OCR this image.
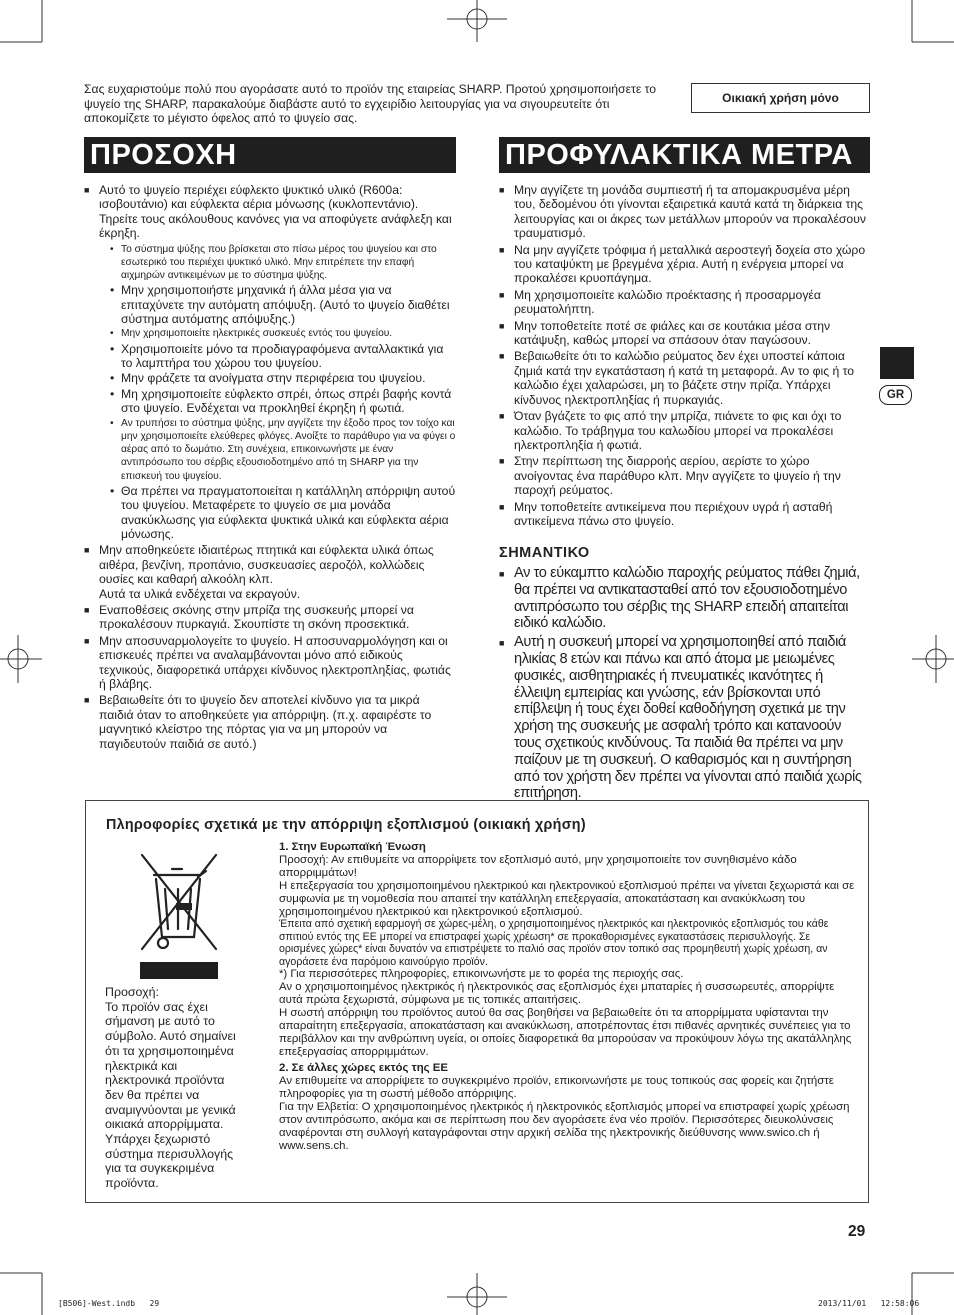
Σας ευχαριστούμε πολύ που αγοράσατε αυτό το προϊόν της εταιρείας SHARP. Προτού χρησιμοποιήσετε το ψυγείο της SHARP, παρακαλούμε διαβάστε αυτό το εγχειρίδιο λειτουργίας για να σιγουρευτείτε ότι αποκομίζετε το μέγιστο όφελος από το ψυγείο σας.

Οικιακή χρήση μόνο
ΠΡΟΣΟΧΗ	ΠΡΟΦΥΛΑΚΤΙΚΑ ΜΕΤΡΑ
■ Αυτό το ψυγείο περιέχει εύφλεκτο ψυκτικό υλικό (R600a: ισοβουτάνιο) και εύφλεκτα αέρια μόνωσης (κυκλοπεντάνιο). Τηρείτε τους ακόλουθους κανόνες για να αποφύγετε ανάφλεξη και έκρηξη.
• Το σύστημα ψύξης που βρίσκεται στο πίσω μέρος του ψυγείου και στο εσωτερικό του περιέχει ψυκτικό υλικό. Μην επιτρέπετε την επαφή αιχμηρών αντικειμένων με το σύστημα ψύξης.
• Μην χρησιμοποιήστε μηχανικά ή άλλα μέσα για να επιταχύνετε την αυτόματη απόψυξη. (Αυτό το ψυγείο διαθέτει σύστημα αυτόματης απόψυξης.)
• Μην χρησιμοποιείτε ηλεκτρικές συσκευές εντός του ψυγείου.
• Χρησιμοποιείτε μόνο τα προδιαγραφόμενα ανταλλακτικά για το λαμπτήρα του χώρου του ψυγείου.
• Μην φράζετε τα ανοίγματα στην περιφέρεια του ψυγείου.
• Μη χρησιμοποιείτε εύφλεκτο σπρέι, όπως σπρέι βαφής κοντά στο ψυγείο. Ενδέχεται να προκληθεί έκρηξη ή φωτιά.
• Αν τρυπήσει το σύστημα ψύξης, μην αγγίζετε την έξοδο προς τον τοίχο και μην χρησιμοποιείτε ελεύθερες φλόγες. Ανοίξτε το παράθυρο για να φύγει ο αέρας από το δωμάτιο. Στη συνέχεια, επικοινωνήστε με έναν αντιπρόσωπο του σέρβις εξουσιοδοτημένο από τη SHARP για την επισκευή του ψυγείου.
• Θα πρέπει να πραγματοποιείται η κατάλληλη απόρριψη αυτού του ψυγείου. Μεταφέρετε το ψυγείο σε μια μονάδα ανακύκλωσης για εύφλεκτα ψυκτικά υλικά και εύφλεκτα αέρια μόνωσης.
■ Μην αποθηκεύετε ιδιαιτέρως πτητικά και εύφλεκτα υλικά όπως αιθέρα, βενζίνη, προπάνιο, συσκευασίες αεροζόλ, κολλώδεις ουσίες και καθαρή αλκοόλη κλπ.
Αυτά τα υλικά ενδέχεται να εκραγούν.
■ Εναποθέσεις σκόνης στην μπρίζα της συσκευής μπορεί να προκαλέσουν πυρκαγιά. Σκουπίστε τη σκόνη προσεκτικά.
■ Μην αποσυναρμολογείτε το ψυγείο. Η αποσυναρμολόγηση και οι επισκευές πρέπει να αναλαμβάνονται μόνο από ειδικούς τεχνικούς, διαφορετικά υπάρχει κίνδυνος ηλεκτροπληξίας, φωτιάς ή βλάβης.
■ Βεβαιωθείτε ότι το ψυγείο δεν αποτελεί κίνδυνο για τα μικρά παιδιά όταν το αποθηκεύετε για απόρριψη. (π.χ. αφαιρέστε το μαγνητικό κλείστρο της πόρτας για να μη μπορούν να παγιδευτούν παιδιά σε αυτό.)
■ Μην αγγίζετε τη μονάδα συμπιεστή ή τα απομακρυσμένα μέρη του, δεδομένου ότι γίνονται εξαιρετικά καυτά κατά τη διάρκεια της λειτουργίας και οι άκρες των μετάλλων μπορούν να προκαλέσουν τραυματισμό.
■ Να μην αγγίζετε τρόφιμα ή μεταλλικά αεροστεγή δοχεία στο χώρο του καταψύκτη με βρεγμένα χέρια. Αυτή η ενέργεια μπορεί να προκαλέσει κρυοπάγημα.
■ Μη χρησιμοποιείτε καλώδιο προέκτασης ή προσαρμογέα ρευματολήπτη.
■ Μην τοποθετείτε ποτέ σε φιάλες και σε κουτάκια μέσα στην κατάψυξη, καθώς μπορεί να σπάσουν όταν παγώσουν.
■ Βεβαιωθείτε ότι το καλώδιο ρεύματος δεν έχει υποστεί κάποια ζημιά κατά την εγκατάσταση ή κατά τη μεταφορά. Αν το φις ή το καλώδιο έχει χαλαρώσει, μη το βάζετε στην πρίζα. Υπάρχει κίνδυνος ηλεκτροπληξίας ή πυρκαγιάς.
■ Όταν βγάζετε το φις από την μπρίζα, πιάνετε το φις και όχι το καλώδιο. Το τράβηγμα του καλωδίου μπορεί να προκαλέσει ηλεκτροπληξία ή φωτιά.
■ Στην περίπτωση της διαρροής αερίου, αερίστε το χώρο ανοίγοντας ένα παράθυρο κλπ. Μην αγγίζετε το ψυγείο ή την παροχή ρεύματος.
■ Μην τοποθετείτε αντικείμενα που περιέχουν υγρά ή ασταθή αντικείμενα πάνω στο ψυγείο.
ΣΗΜΑΝΤΙΚΟ
■ Αν το εύκαμπτο καλώδιο παροχής ρεύματος πάθει ζημιά, θα πρέπει να αντικατασταθεί από τον εξουσιοδοτημένο αντιπρόσωπο του σέρβις της SHARP επειδή απαιτείται ειδικό καλώδιο.
■ Αυτή η συσκευή μπορεί να χρησιμοποιηθεί από παιδιά ηλικίας 8 ετών και πάνω και από άτομα με μειωμένες φυσικές, αισθητηριακές ή πνευματικές ικανότητες ή έλλειψη εμπειρίας και γνώσης, εάν βρίσκονται υπό επίβλεψη ή τους έχει δοθεί καθοδήγηση σχετικά με την χρήση της συσκευής με ασφαλή τρόπο και κατανοούν τους σχετικούς κινδύνους. Τα παιδιά θα πρέπει να μην παίζουν με τη συσκευή. Ο καθαρισμός και η συντήρηση από τον χρήστη δεν πρέπει να γίνονται από παιδιά χωρίς επιτήρηση.
GR
Πληροφορίες σχετικά με την απόρριψη εξοπλισμού (οικιακή χρήση)
Προσοχή:
Το προϊόν σας έχει σήμανση με αυτό το σύμβολο. Αυτό σημαίνει ότι τα χρησιμοποιημένα ηλεκτρικά και ηλεκτρονικά προϊόντα δεν θα πρέπει να αναμιγνύονται με γενικά οικιακά απορρίμματα. Υπάρχει ξεχωριστό σύστημα περισυλλογής για τα συγκεκριμένα προϊόντα.

1. Στην Ευρωπαϊκή Ένωση

Προσοχή: Αν επιθυμείτε να απορρίψετε τον εξοπλισμό αυτό, μην χρησιμοποιείτε τον συνηθισμένο κάδο απορριμμάτων!

Η επεξεργασία του χρησιμοποιημένου ηλεκτρικού και ηλεκτρονικού εξοπλισμού πρέπει να γίνεται ξεχωριστά και σε συμφωνία με τη νομοθεσία που απαιτεί την κατάλληλη επεξεργασία, αποκατάσταση και ανακύκλωση του χρησιμοποιημένου ηλεκτρικού και ηλεκτρονικού εξοπλισμού.

Έπειτα από σχετική εφαρμογή σε χώρες-μέλη, ο χρησιμοποιημένος ηλεκτρικός και ηλεκτρονικός εξοπλισμός του κάθε σπιτιού εντός της ΕΕ μπορεί να επιστραφεί χωρίς χρέωση* σε προκαθορισμένες εγκαταστάσεις περισυλλογής. Σε ορισμένες χώρες* είναι δυνατόν να επιστρέψετε το παλιό σας προϊόν στον τοπικό σας προμηθευτή χωρίς χρέωση, αν αγοράσετε ένα παρόμοιο καινούργιο προϊόν.

*) Για περισσότερες πληροφορίες, επικοινωνήστε με το φορέα της περιοχής σας.

Αν ο χρησιμοποιημένος ηλεκτρικός ή ηλεκτρονικός σας εξοπλισμός έχει μπαταρίες ή συσσωρευτές, απορρίψτε αυτά πρώτα ξεχωριστά, σύμφωνα με τις τοπικές απαιτήσεις.

Η σωστή απόρριψη του προϊόντος αυτού θα σας βοηθήσει να βεβαιωθείτε ότι τα απορρίμματα υφίστανται την απαραίτητη επεξεργασία, αποκατάσταση και ανακύκλωση, αποτρέποντας έτσι πιθανές αρνητικές συνέπειες για το περιβάλλον και την ανθρώπινη υγεία, οι οποίες διαφορετικά θα μπορούσαν να προκύψουν λόγω της ακατάλληλης επεξεργασίας απορριμμάτων.

2. Σε άλλες χώρες εκτός της ΕΕ

Αν επιθυμείτε να απορρίψετε το συγκεκριμένο προϊόν, επικοινωνήστε με τους τοπικούς σας φορείς και ζητήστε πληροφορίες για τη σωστή μέθοδο απόρριψης.

Για την Ελβετία: Ο χρησιμοποιημένος ηλεκτρικός ή ηλεκτρονικός εξοπλισμός μπορεί να επιστραφεί χωρίς χρέωση στον αντιπρόσωπο, ακόμα και σε περίπτωση που δεν αγοράσετε ένα νέο προϊόν. Περισσότερες διευκολύνσεις αναφέρονται στη συλλογή καταγράφονται στην αρχική σελίδα της ηλεκτρονικής διεύθυνσης www.swico.ch ή www.sens.ch.

29
[B506]-West.indb   29	2013/11/01   12:58:06
